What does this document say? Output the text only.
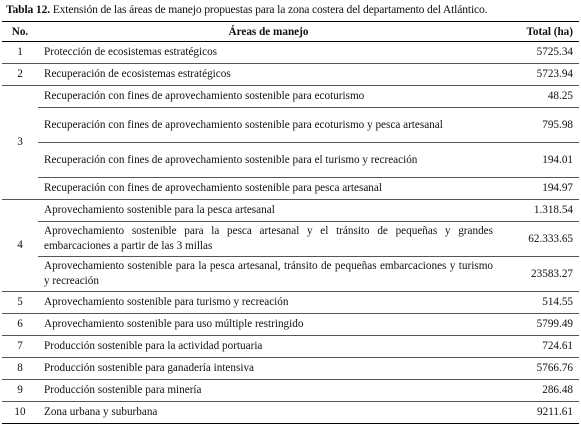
Tabla 12. Extensión de las áreas de manejo propuestas para la zona costera del departamento del Atlántico.
No.	Áreas de manejo	Total (ha)
1	Protección de ecosistemas estratégicos	5725.34
2	Recuperación de ecosistemas estratégicos	5723.94
3	Recuperación con fines de aprovechamiento sostenible para ecoturismo	48.25
	Recuperación con fines de aprovechamiento sostenible para ecoturismo y pesca artesanal	795.98
	Recuperación con fines de aprovechamiento sostenible para el turismo y recreación	194.01
	Recuperación con fines de aprovechamiento sostenible para pesca artesanal	194.97
4	Aprovechamiento sostenible para la pesca artesanal	1.318.54
	Aprovechamiento sostenible para la pesca artesanal y el tránsito de pequeñas y grandes embarcaciones a partir de las 3 millas	62.333.65
	Aprovechamiento sostenible para la pesca artesanal, tránsito de pequeñas embarcaciones y turismo y recreación	23583.27
5	Aprovechamiento sostenible para turismo y recreación	514.55
6	Aprovechamiento sostenible para uso múltiple restringido	5799.49
7	Producción sostenible para la actividad portuaria	724.61
8	Producción sostenible para ganadería intensiva	5766.76
9	Producción sostenible para minería	286.48
10	Zona urbana y suburbana	9211.61
